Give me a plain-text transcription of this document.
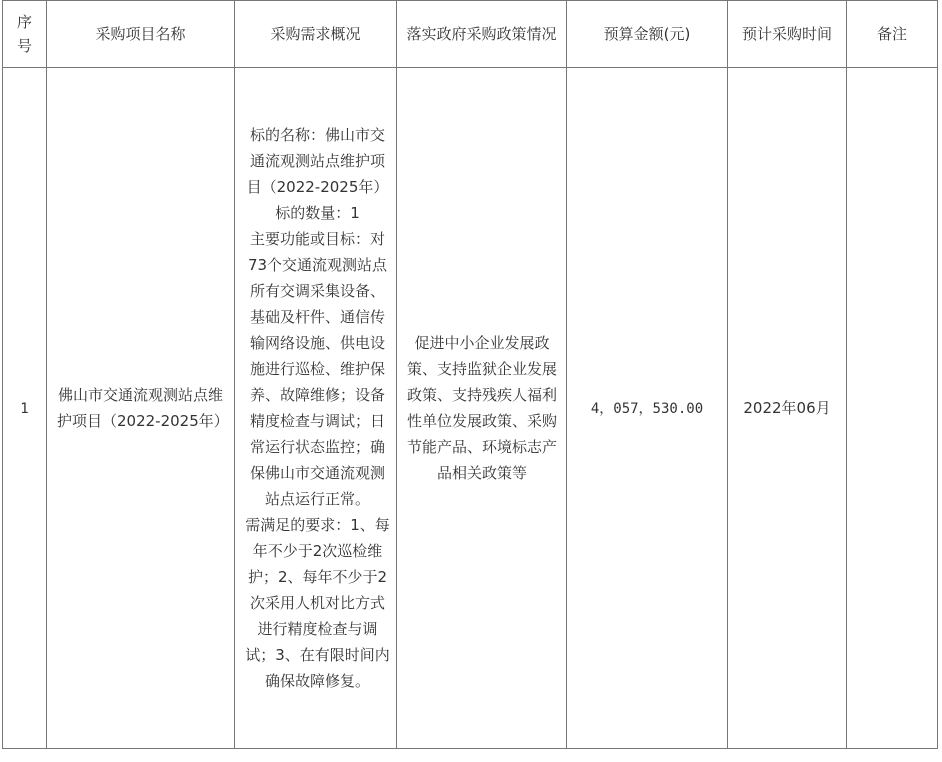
序号	采购项目名称	采购需求概况	落实政府采购政策情况	预算金额(元)	预计采购时间	备注
1	佛山市交通流观测站点维护项目（2022-2025年）	标的名称：佛山市交通流观测站点维护项目（2022-2025年）
标的数量：1
主要功能或目标：对73个交通流观测站点所有交调采集设备、基础及杆件、通信传输网络设施、供电设施进行巡检、维护保养、故障维修；设备精度检查与调试；日常运行状态监控；确保佛山市交通流观测站点运行正常。
需满足的要求：1、每年不少于2次巡检维护；2、每年不少于2次采用人机对比方式进行精度检查与调试；3、在有限时间内确保故障修复。	促进中小企业发展政策、支持监狱企业发展政策、支持残疾人福利性单位发展政策、采购节能产品、环境标志产品相关政策等	4，057，530.00	2022年06月	
